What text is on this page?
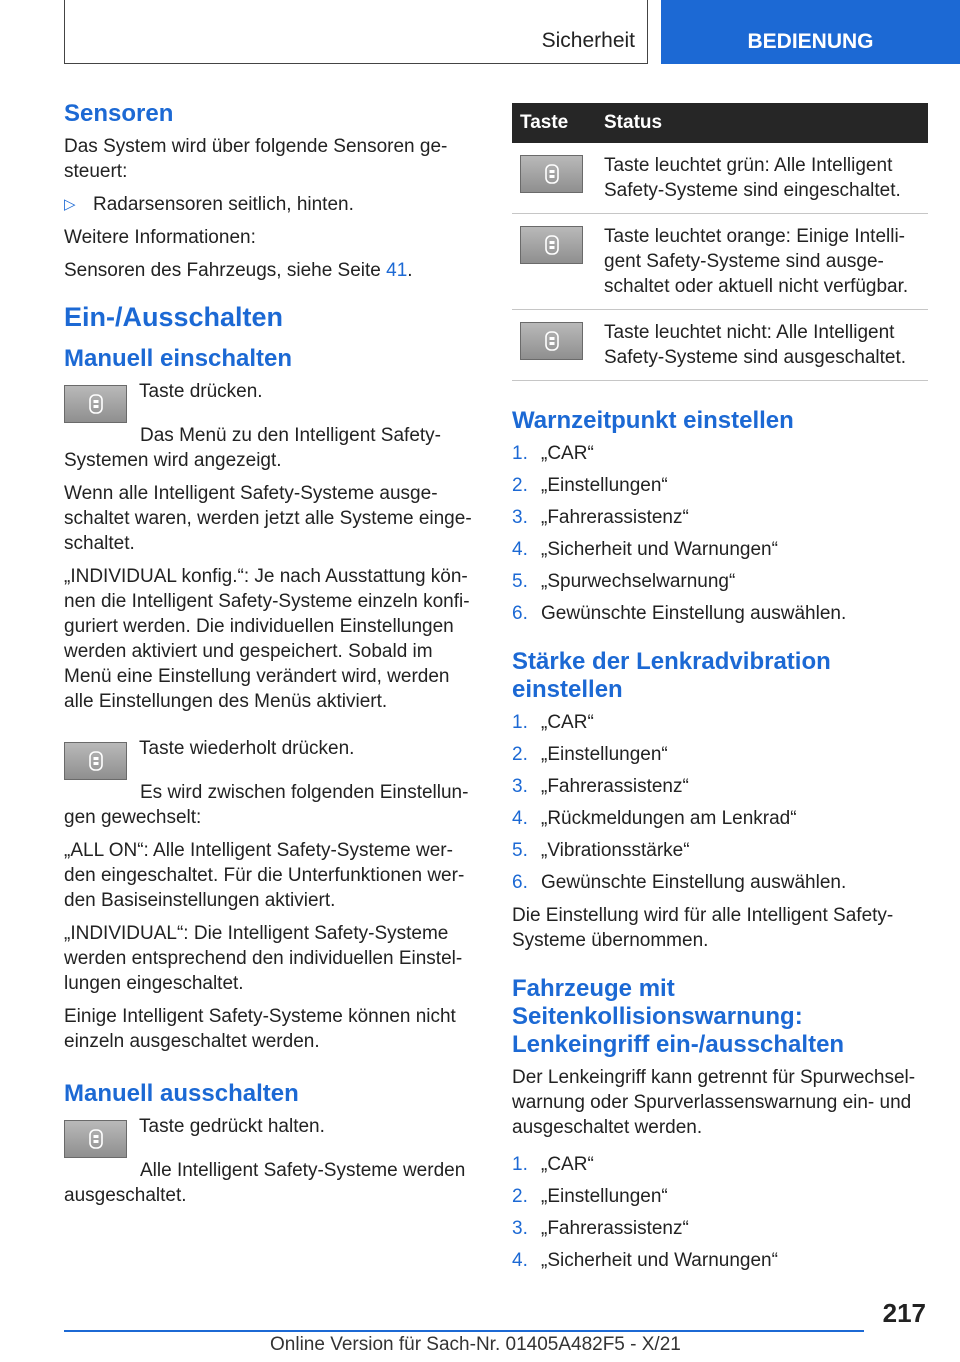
Sicherheit	BEDIENUNG
Sensoren
Das System wird über folgende Sensoren ge‐steuert:
▷ Radarsensoren seitlich, hinten.
Weitere Informationen:
Sensoren des Fahrzeugs, siehe Seite 41.
Ein-/Ausschalten
Manuell einschalten
Taste drücken.
Das Menü zu den Intelligent Safety-Systemen wird angezeigt.
Wenn alle Intelligent Safety-Systeme ausge‐schaltet waren, werden jetzt alle Systeme einge‐schaltet.
„INDIVIDUAL konfig.“: Je nach Ausstattung kön‐nen die Intelligent Safety-Systeme einzeln konfi‐guriert werden. Die individuellen Einstellungen werden aktiviert und gespeichert. Sobald im Menü eine Einstellung verändert wird, werden alle Einstellungen des Menüs aktiviert.
Taste wiederholt drücken.
Es wird zwischen folgenden Einstellun‐gen gewechselt:
„ALL ON“: Alle Intelligent Safety-Systeme wer‐den eingeschaltet. Für die Unterfunktionen wer‐den Basiseinstellungen aktiviert.
„INDIVIDUAL“: Die Intelligent Safety-Systeme werden entsprechend den individuellen Einstel‐lungen eingeschaltet.
Einige Intelligent Safety-Systeme können nicht einzeln ausgeschaltet werden.
Manuell ausschalten
Taste gedrückt halten.
Alle Intelligent Safety-Systeme werden ausgeschaltet.
Taste	Status

	Taste leuchtet grün: Alle Intelligent Safety-Systeme sind eingeschaltet.

	Taste leuchtet orange: Einige Intelli‐gent Safety-Systeme sind ausge‐schaltet oder aktuell nicht verfügbar.

	Taste leuchtet nicht: Alle Intelligent Safety-Systeme sind ausgeschaltet.
Warnzeitpunkt einstellen
1. „CAR“
2. „Einstellungen“
3. „Fahrerassistenz“
4. „Sicherheit und Warnungen“
5. „Spurwechselwarnung“
6. Gewünschte Einstellung auswählen.
Stärke der Lenkradvibration einstellen
1. „CAR“
2. „Einstellungen“
3. „Fahrerassistenz“
4. „Rückmeldungen am Lenkrad“
5. „Vibrationsstärke“
6. Gewünschte Einstellung auswählen.
Die Einstellung wird für alle Intelligent Safety-Systeme übernommen.
Fahrzeuge mit Seitenkollisionswarnung: Lenkeingriff ein-/ausschalten
Der Lenkeingriff kann getrennt für Spurwechsel‐warnung oder Spurverlassenswarnung ein- und ausgeschaltet werden.
1. „CAR“
2. „Einstellungen“
3. „Fahrerassistenz“
4. „Sicherheit und Warnungen“
217
Online Version für Sach-Nr. 01405A482F5 - X/21
